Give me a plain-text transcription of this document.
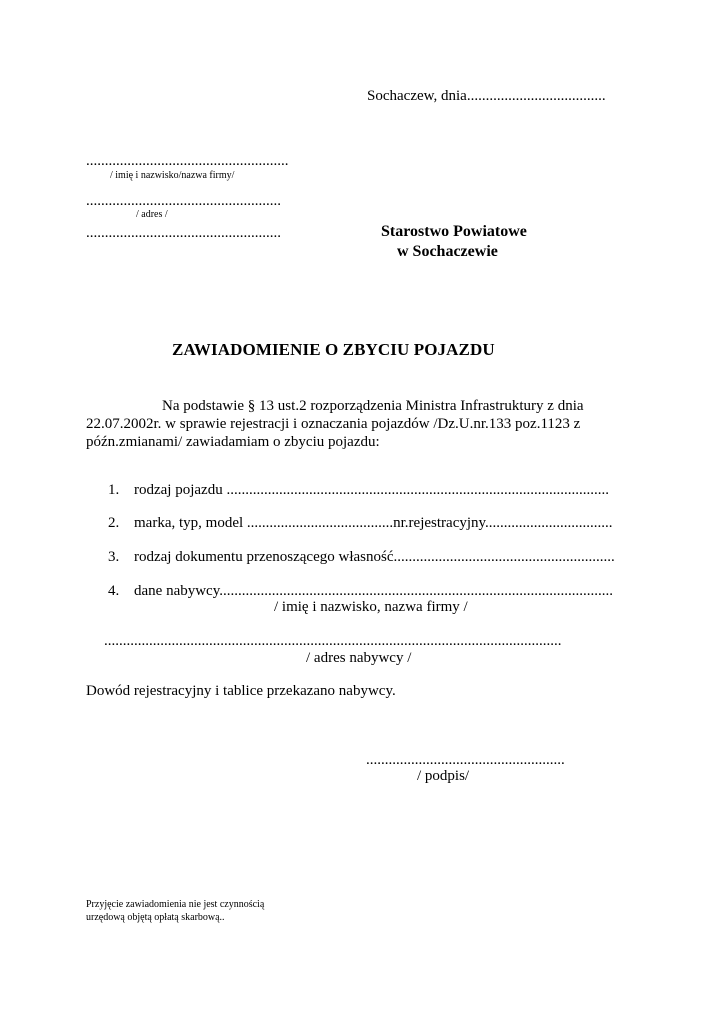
Sochaczew, dnia.....................................
......................................................
/ imię i nazwisko/nazwa firmy/
....................................................
/ adres /
....................................................	Starostwo Powiatowe
w Sochaczewie
ZAWIADOMIENIE O ZBYCIU POJAZDU
Na podstawie § 13 ust.2 rozporządzenia Ministra Infrastruktury z dnia
22.07.2002r. w sprawie rejestracji i oznaczania pojazdów /Dz.U.nr.133 poz.1123 z
późn.zmianami/ zawiadamiam o zbyciu pojazdu:
1. rodzaj pojazdu ......................................................................................................
2. marka, typ, model .......................................nr.rejestracyjny..................................
3. rodzaj dokumentu przenoszącego własność...........................................................
4. dane nabywcy.........................................................................................................
/ imię i nazwisko, nazwa firmy /
..........................................................................................................................
/ adres nabywcy /
Dowód rejestracyjny i tablice przekazano nabywcy.
.....................................................
/ podpis/
Przyjęcie zawiadomienia nie jest czynnością
urzędową objętą opłatą skarbową..
